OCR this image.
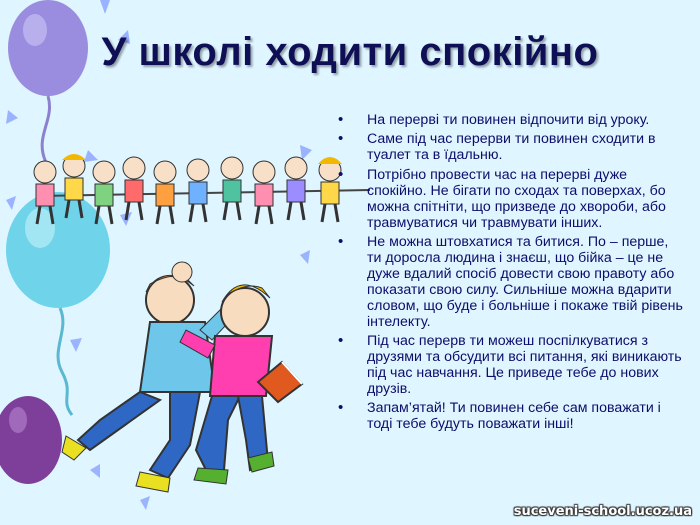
У школі ходити спокійно
• На перерві ти повинен відпочити від уроку.
• Саме під час перерви ти повинен сходити в туалет та в їдальню.
• Потрібно провести час на перерві дуже спокійно. Не бігати по сходах та поверхах, бо можна спітніти, що призведе до хвороби, або травмуватися чи травмувати інших.
• Не можна штовхатися та битися. По – перше, ти доросла людина і знаєш, що бійка – це не дуже вдалий спосіб довести свою правоту або показати свою силу. Сильніше можна вдарити словом, що буде і больніше і покаже твій рівень інтелекту.
• Під час перерв ти можеш поспілкуватися з друзями та обсудити всі питання, які виникають під час навчання. Це приведе тебе до нових друзів.
• Запам’ятай! Ти повинен себе сам поважати і тоді тебе будуть поважати інші!
suceveni-school.ucoz.ua
